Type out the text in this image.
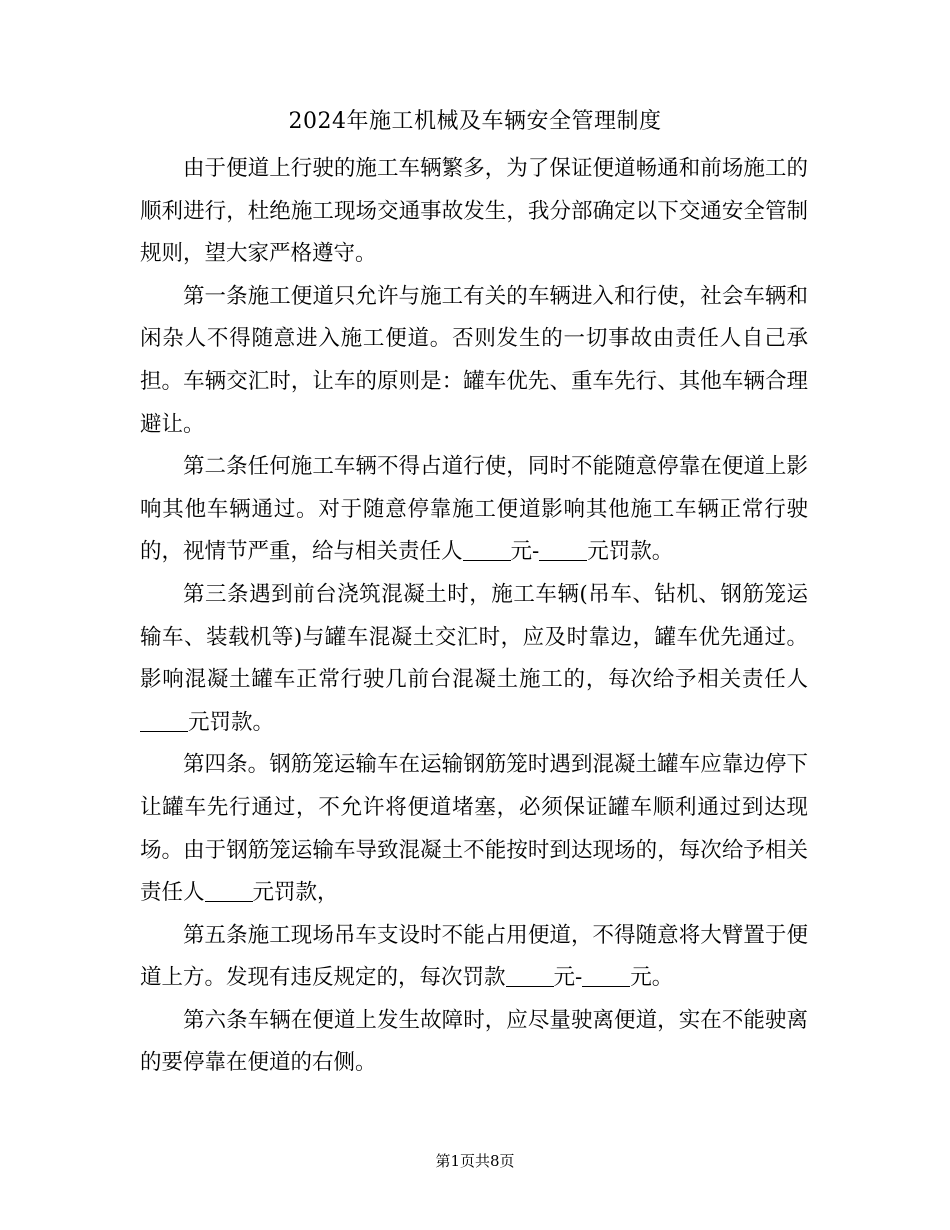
2024年施工机械及车辆安全管理制度

由于便道上行驶的施工车辆繁多，为了保证便道畅通和前场施工的顺利进行，杜绝施工现场交通事故发生，我分部确定以下交通安全管制规则，望大家严格遵守。

第一条施工便道只允许与施工有关的车辆进入和行使，社会车辆和闲杂人不得随意进入施工便道。否则发生的一切事故由责任人自己承担。车辆交汇时，让车的原则是：罐车优先、重车先行、其他车辆合理避让。

第二条任何施工车辆不得占道行使，同时不能随意停靠在便道上影响其他车辆通过。对于随意停靠施工便道影响其他施工车辆正常行驶的，视情节严重，给与相关责任人 元- 元罚款。

第三条遇到前台浇筑混凝土时，施工车辆(吊车、钻机、钢筋笼运输车、装载机等)与罐车混凝土交汇时，应及时靠边，罐车优先通过。影响混凝土罐车正常行驶几前台混凝土施工的，每次给予相关责任人元罚款。

第四条。钢筋笼运输车在运输钢筋笼时遇到混凝土罐车应靠边停下让罐车先行通过，不允许将便道堵塞，必须保证罐车顺利通过到达现场。由于钢筋笼运输车导致混凝土不能按时到达现场的，每次给予相关责任人 元罚款，

第五条施工现场吊车支设时不能占用便道，不得随意将大臂置于便道上方。发现有违反规定的，每次罚款 元- 元。

第六条车辆在便道上发生故障时，应尽量驶离便道，实在不能驶离的要停靠在便道的右侧。

第1页共8页
